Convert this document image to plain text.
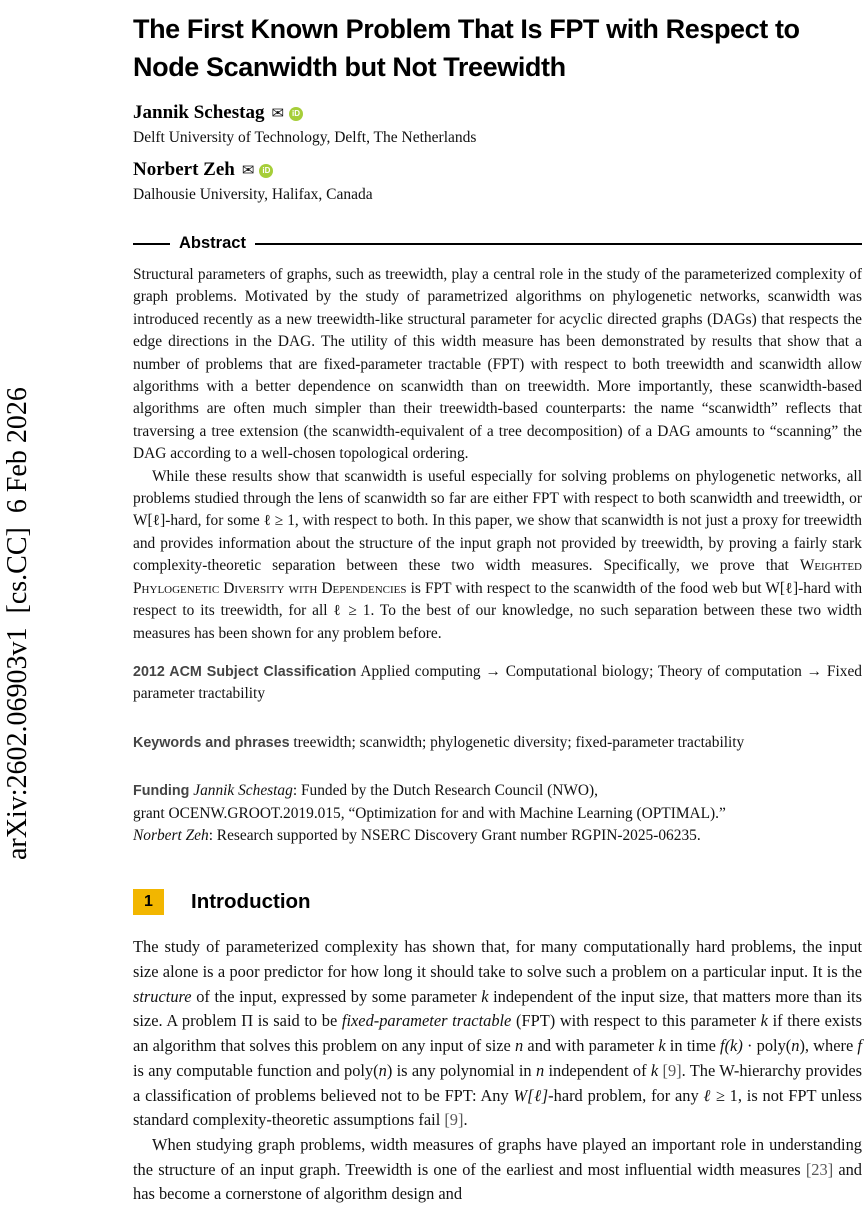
arXiv:2602.06903v1  [cs.CC]  6 Feb 2026
The First Known Problem That Is FPT with Respect to Node Scanwidth but Not Treewidth
Jannik Schestag ✉ iD
Delft University of Technology, Delft, The Netherlands
Norbert Zeh ✉ iD
Dalhousie University, Halifax, Canada
Abstract

Structural parameters of graphs, such as treewidth, play a central role in the study of the parameterized complexity of graph problems. Motivated by the study of parametrized algorithms on phylogenetic networks, scanwidth was introduced recently as a new treewidth-like structural parameter for acyclic directed graphs (DAGs) that respects the edge directions in the DAG. The utility of this width measure has been demonstrated by results that show that a number of problems that are fixed-parameter tractable (FPT) with respect to both treewidth and scanwidth allow algorithms with a better dependence on scanwidth than on treewidth. More importantly, these scanwidth-based algorithms are often much simpler than their treewidth-based counterparts: the name “scanwidth” reflects that traversing a tree extension (the scanwidth-equivalent of a tree decomposition) of a DAG amounts to “scanning” the DAG according to a well-chosen topological ordering.

While these results show that scanwidth is useful especially for solving problems on phylogenetic networks, all problems studied through the lens of scanwidth so far are either FPT with respect to both scanwidth and treewidth, or W[ℓ]-hard, for some ℓ ≥ 1, with respect to both. In this paper, we show that scanwidth is not just a proxy for treewidth and provides information about the structure of the input graph not provided by treewidth, by proving a fairly stark complexity-theoretic separation between these two width measures. Specifically, we prove that Weighted Phylogenetic Diversity with Dependencies is FPT with respect to the scanwidth of the food web but W[ℓ]-hard with respect to its treewidth, for all ℓ ≥ 1. To the best of our knowledge, no such separation between these two width measures has been shown for any problem before.

2012 ACM Subject Classification Applied computing → Computational biology; Theory of computation → Fixed parameter tractability

Keywords and phrases treewidth; scanwidth; phylogenetic diversity; fixed-parameter tractability

Funding Jannik Schestag: Funded by the Dutch Research Council (NWO),

grant OCENW.GROOT.2019.015, “Optimization for and with Machine Learning (OPTIMAL).”

Norbert Zeh: Research supported by NSERC Discovery Grant number RGPIN-2025-06235.

1	Introduction

The study of parameterized complexity has shown that, for many computationally hard problems, the input size alone is a poor predictor for how long it should take to solve such a problem on a particular input. It is the structure of the input, expressed by some parameter k independent of the input size, that matters more than its size. A problem Π is said to be fixed-parameter tractable (FPT) with respect to this parameter k if there exists an algorithm that solves this problem on any input of size n and with parameter k in time f(k) · poly(n), where f is any computable function and poly(n) is any polynomial in n independent of k [9]. The W-hierarchy provides a classification of problems believed not to be FPT: Any W[ℓ]-hard problem, for any ℓ ≥ 1, is not FPT unless standard complexity-theoretic assumptions fail [9].

When studying graph problems, width measures of graphs have played an important role in understanding the structure of an input graph. Treewidth is one of the earliest and most influential width measures [23] and has become a cornerstone of algorithm design and
